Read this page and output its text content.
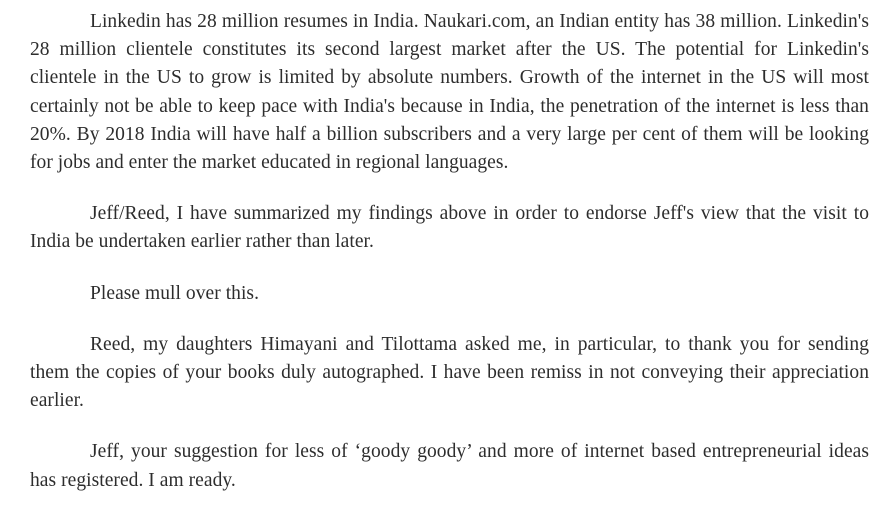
Linkedin has 28 million resumes in India. Naukari.com, an Indian entity has 38 million. Linkedin's 28 million clientele constitutes its second largest market after the US. The potential for Linkedin's clientele in the US to grow is limited by absolute numbers. Growth of the internet in the US will most certainly not be able to keep pace with India's because in India, the penetration of the internet is less than 20%. By 2018 India will have half a billion subscribers and a very large per cent of them will be looking for jobs and enter the market educated in regional languages.

Jeff/Reed, I have summarized my findings above in order to endorse Jeff's view that the visit to India be undertaken earlier rather than later.

Please mull over this.

Reed, my daughters Himayani and Tilottama asked me, in particular, to thank you for sending them the copies of your books duly autographed. I have been remiss in not conveying their appreciation earlier.

Jeff, your suggestion for less of ‘goody goody’ and more of internet based entrepreneurial ideas has registered. I am ready.
